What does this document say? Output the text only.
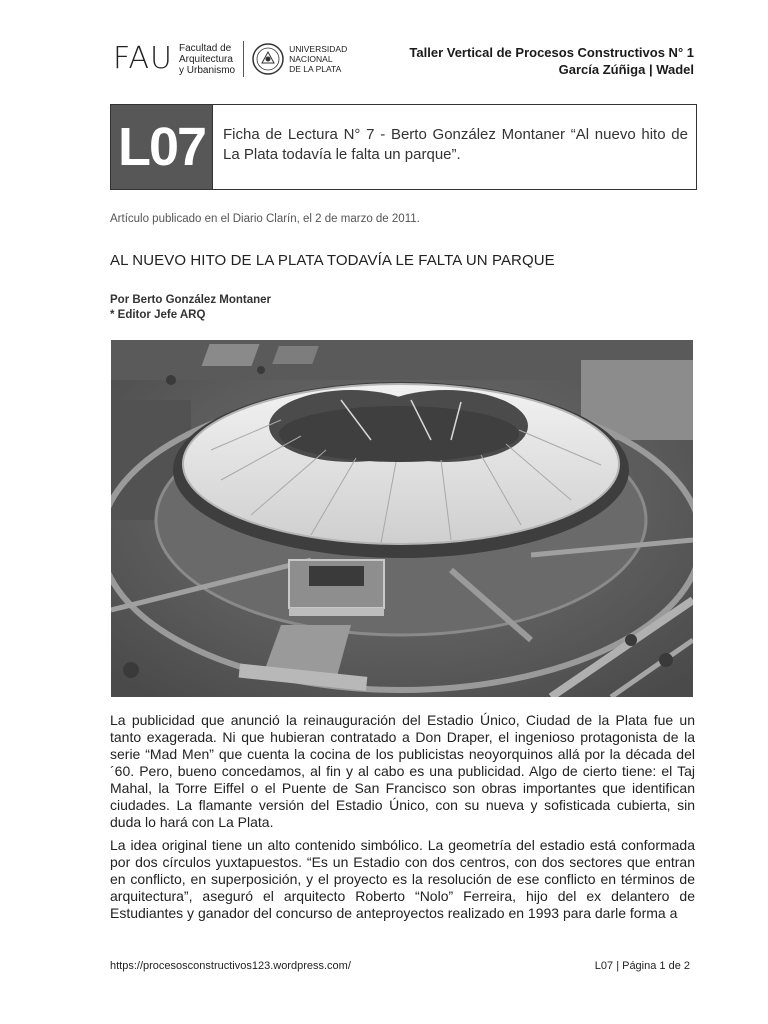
FAU Facultad de
Arquitectura
y Urbanismo
UNIVERSIDAD
NACIONAL
DE LA PLATA
Taller Vertical de Procesos Constructivos N° 1
García Zúñiga | Wadel
L07	Ficha de Lectura N° 7 - Berto González Montaner “Al nuevo hito de La Plata todavía le falta un parque”.
Artículo publicado en el Diario Clarín, el 2 de marzo de 2011.
AL NUEVO HITO DE LA PLATA TODAVÍA LE FALTA UN PARQUE
Por Berto González Montaner
* Editor Jefe ARQ
La publicidad que anunció la reinauguración del Estadio Único, Ciudad de la Plata fue un tanto exagerada. Ni que hubieran contratado a Don Draper, el ingenioso protagonista de la serie “Mad Men” que cuenta la cocina de los publicistas neoyorquinos allá por la década del ´60. Pero, bueno concedamos, al fin y al cabo es una publicidad. Algo de cierto tiene: el Taj Mahal, la Torre Eiffel o el Puente de San Francisco son obras importantes que identifican ciudades. La flamante versión del Estadio Único, con su nueva y sofisticada cubierta, sin duda lo hará con La Plata.
La idea original tiene un alto contenido simbólico. La geometría del estadio está conformada por dos círculos yuxtapuestos. “Es un Estadio con dos centros, con dos sectores que entran en conflicto, en superposición, y el proyecto es la resolución de ese conflicto en términos de arquitectura”, aseguró el arquitecto Roberto “Nolo” Ferreira, hijo del ex delantero de Estudiantes y ganador del concurso de anteproyectos realizado en 1993 para darle forma a
https://procesosconstructivos123.wordpress.com/	L07 | Página 1 de 2
